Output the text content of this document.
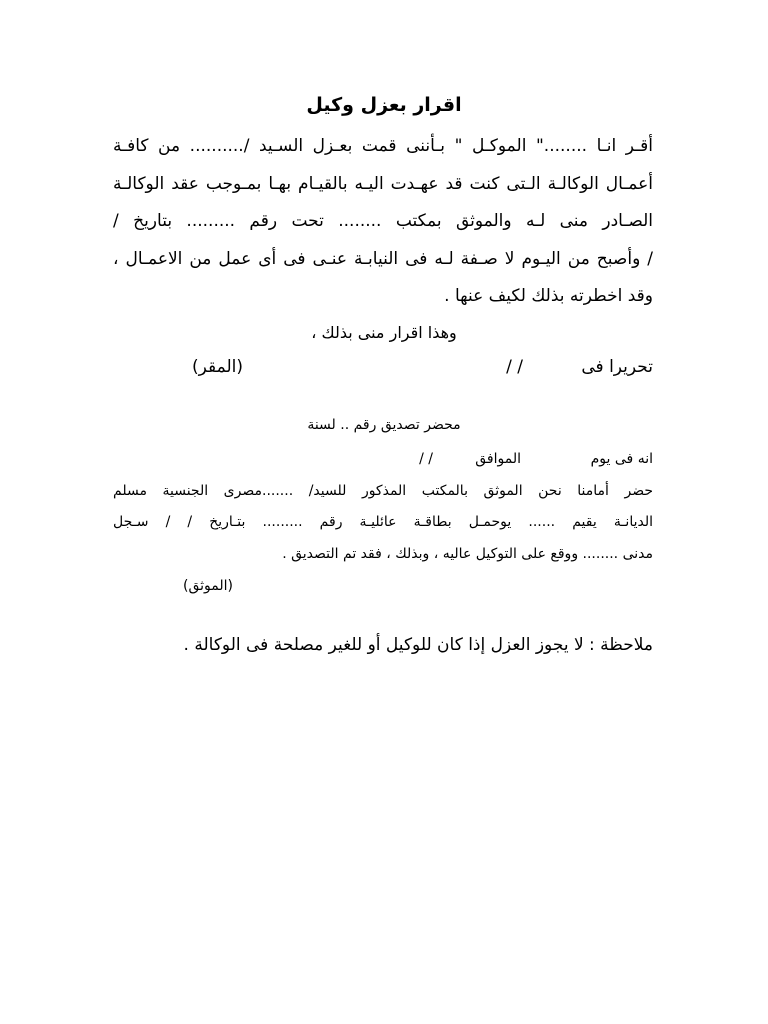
اقرار بعزل وكيل
أقـر انـا ........" الموكـل " بـأننى قمت بعـزل السـيد /.......... من كافـة
أعمـال الوكالـة الـتى كنت قد عهـدت اليـه بالقيـام بهـا بمـوجب عقد الوكالـة
الصـادر منى لـه والموثق بمكتب ........ تحت رقم ......... بتاريخ /
/ وأصبح من اليـوم لا صـفة لـه فى النيابـة عنـى فى أى عمل من الاعمـال ،
وقد اخطرته بذلك لكيف عنها .
وهذا اقرار منى بذلك ،
تحريرا فى
/ /
(المقر)
محضر تصديق رقم .. لسنة
انه فى يوم
الموافق
/ /
حضر أمامنا نحن الموثق بالمكتب المذكور للسيد/ .......مصرى الجنسية مسلم
الديانـة يقيم ...... يوحمـل بطاقـة عائليـة رقم ......... بتـاريخ / / سـجل
مدنى ........ ووقع على التوكيل عاليه ، وبذلك ، فقد تم التصديق .
(الموثق)
ملاحظة : لا يجوز العزل إذا كان للوكيل أو للغير مصلحة فى الوكالة .
